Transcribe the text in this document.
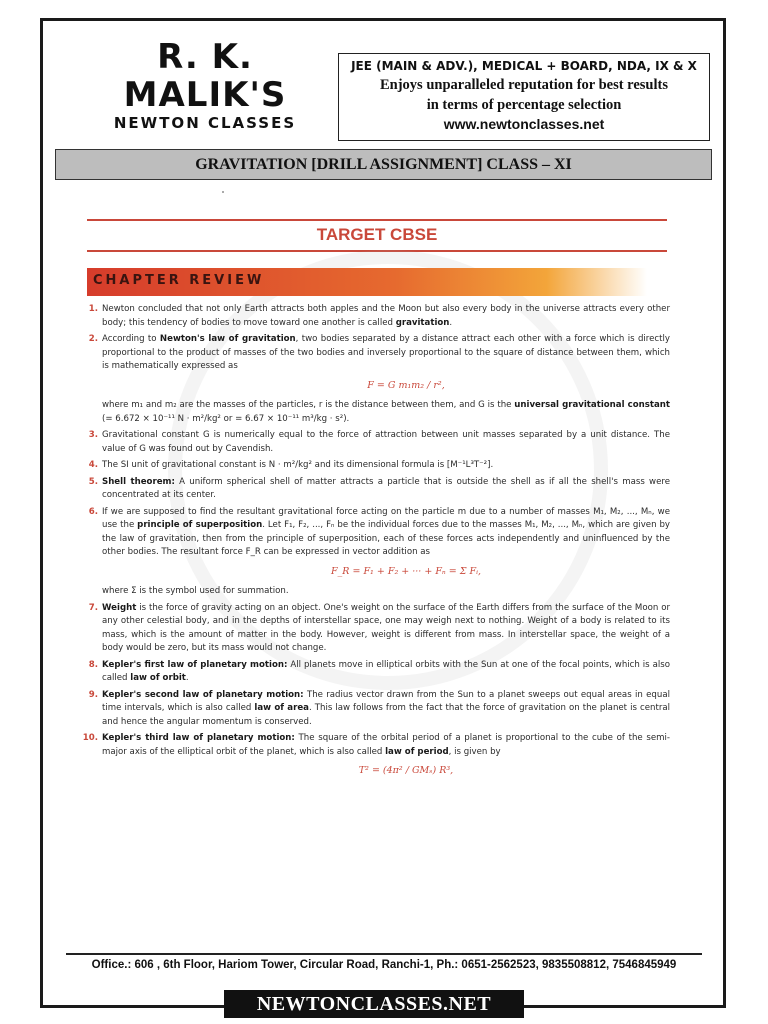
R. K. MALIK'S
NEWTON CLASSES
JEE (MAIN & ADV.), MEDICAL + BOARD, NDA, IX & X
Enjoys unparalleled reputation for best results
in terms of percentage selection
www.newtonclasses.net
GRAVITATION [DRILL ASSIGNMENT] CLASS – XI
TARGET CBSE
CHAPTER REVIEW
1. Newton concluded that not only Earth attracts both apples and the Moon but also every body in the universe attracts every other body; this tendency of bodies to move toward one another is called gravitation.
2. According to Newton's law of gravitation, two bodies separated by a distance attract each other with a force which is directly proportional to the product of masses of the two bodies and inversely proportional to the square of distance between them, which is mathematically expressed as
F = G m₁m₂ / r²,
where m₁ and m₂ are the masses of the particles, r is the distance between them, and G is the universal gravitational constant (= 6.672 × 10⁻¹¹ N · m²/kg² or = 6.67 × 10⁻¹¹ m³/kg · s²).
3. Gravitational constant G is numerically equal to the force of attraction between unit masses separated by a unit distance. The value of G was found out by Cavendish.
4. The SI unit of gravitational constant is N · m²/kg² and its dimensional formula is [M⁻¹L³T⁻²].
5. Shell theorem: A uniform spherical shell of matter attracts a particle that is outside the shell as if all the shell's mass were concentrated at its center.
6. If we are supposed to find the resultant gravitational force acting on the particle m due to a number of masses M₁, M₂, ..., Mₙ, we use the principle of superposition. Let F₁, F₂, ..., Fₙ be the individual forces due to the masses M₁, M₂, ..., Mₙ, which are given by the law of gravitation, then from the principle of superposition, each of these forces acts independently and uninfluenced by the other bodies. The resultant force F_R can be expressed in vector addition as
F_R = F₁ + F₂ + ··· + Fₙ = Σ Fᵢ,
where Σ is the symbol used for summation.
7. Weight is the force of gravity acting on an object. One's weight on the surface of the Earth differs from the surface of the Moon or any other celestial body, and in the depths of interstellar space, one may weigh next to nothing. Weight of a body is related to its mass, which is the amount of matter in the body. However, weight is different from mass. In interstellar space, the weight of a body would be zero, but its mass would not change.
8. Kepler's first law of planetary motion: All planets move in elliptical orbits with the Sun at one of the focal points, which is also called law of orbit.
9. Kepler's second law of planetary motion: The radius vector drawn from the Sun to a planet sweeps out equal areas in equal time intervals, which is also called law of area. This law follows from the fact that the force of gravitation on the planet is central and hence the angular momentum is conserved.
10. Kepler's third law of planetary motion: The square of the orbital period of a planet is proportional to the cube of the semi-major axis of the elliptical orbit of the planet, which is also called law of period, is given by
T² = (4π² / GMₛ) R³,
Office.: 606 , 6th Floor, Hariom Tower, Circular Road, Ranchi-1, Ph.: 0651-2562523, 9835508812, 7546845949
NEWTONCLASSES.NET
